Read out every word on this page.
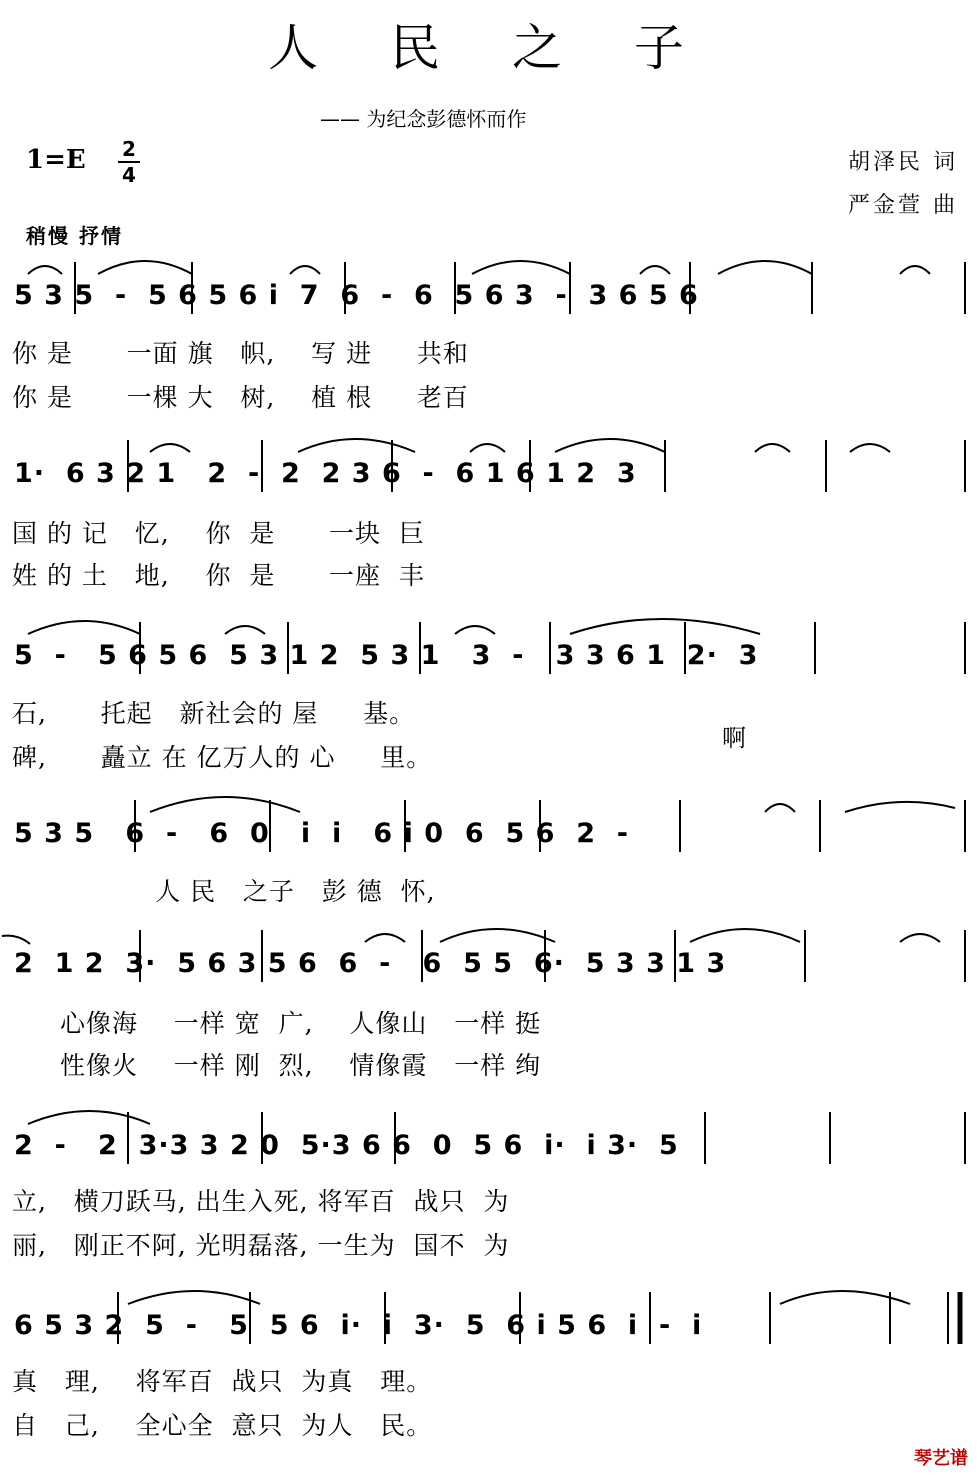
人 民 之 子
—— 为纪念彭德怀而作
1=E 2
4	胡泽民 词
严金萱 曲
稍慢 抒情
5 3 5  -  5 6 5 6 i  7  6  -  6  5 6 3  -  3 6 5 6
你 是      一面 旗   帜,    写 进     共和
你 是      一棵 大   树,    植 根     老百
1·  6 3 2 1   2  -  2  2 3 6  -  6 1 6 1 2  3
国 的 记   忆,    你  是      一块  巨
姓 的 土   地,    你  是      一座  丰
5  -   5 6 5 6  5 3 1 2  5 3 1   3  -   3 3 6 1  2·  3
石,      托起   新社会的 屋     基。
碑,      矗立 在 亿万人的 心     里。
啊
5 3 5   6  -   6  0   i  i   6 i 0  6  5 6  2  -
人 民   之子   彭 德  怀,
2  1 2  3·  5 6 3 5 6  6  -   6  5 5  6·  5 3 3 1 3
心像海    一样 宽  广,    人像山   一样 挺
性像火    一样 刚  烈,    情像霞   一样 绚
2  -   2  3·3 3 2 0  5·3 6 6  0  5 6  i·  i 3·  5
立,   横刀跃马, 出生入死, 将军百  战只  为
丽,   刚正不阿, 光明磊落, 一生为  国不  为
6 5 3 2  5  -   5  5 6  i·  i  3·  5  6 i 5 6  i  -  i
真   理,    将军百  战只  为真   理。
自   己,    全心全  意只  为人   民。
琴艺谱
